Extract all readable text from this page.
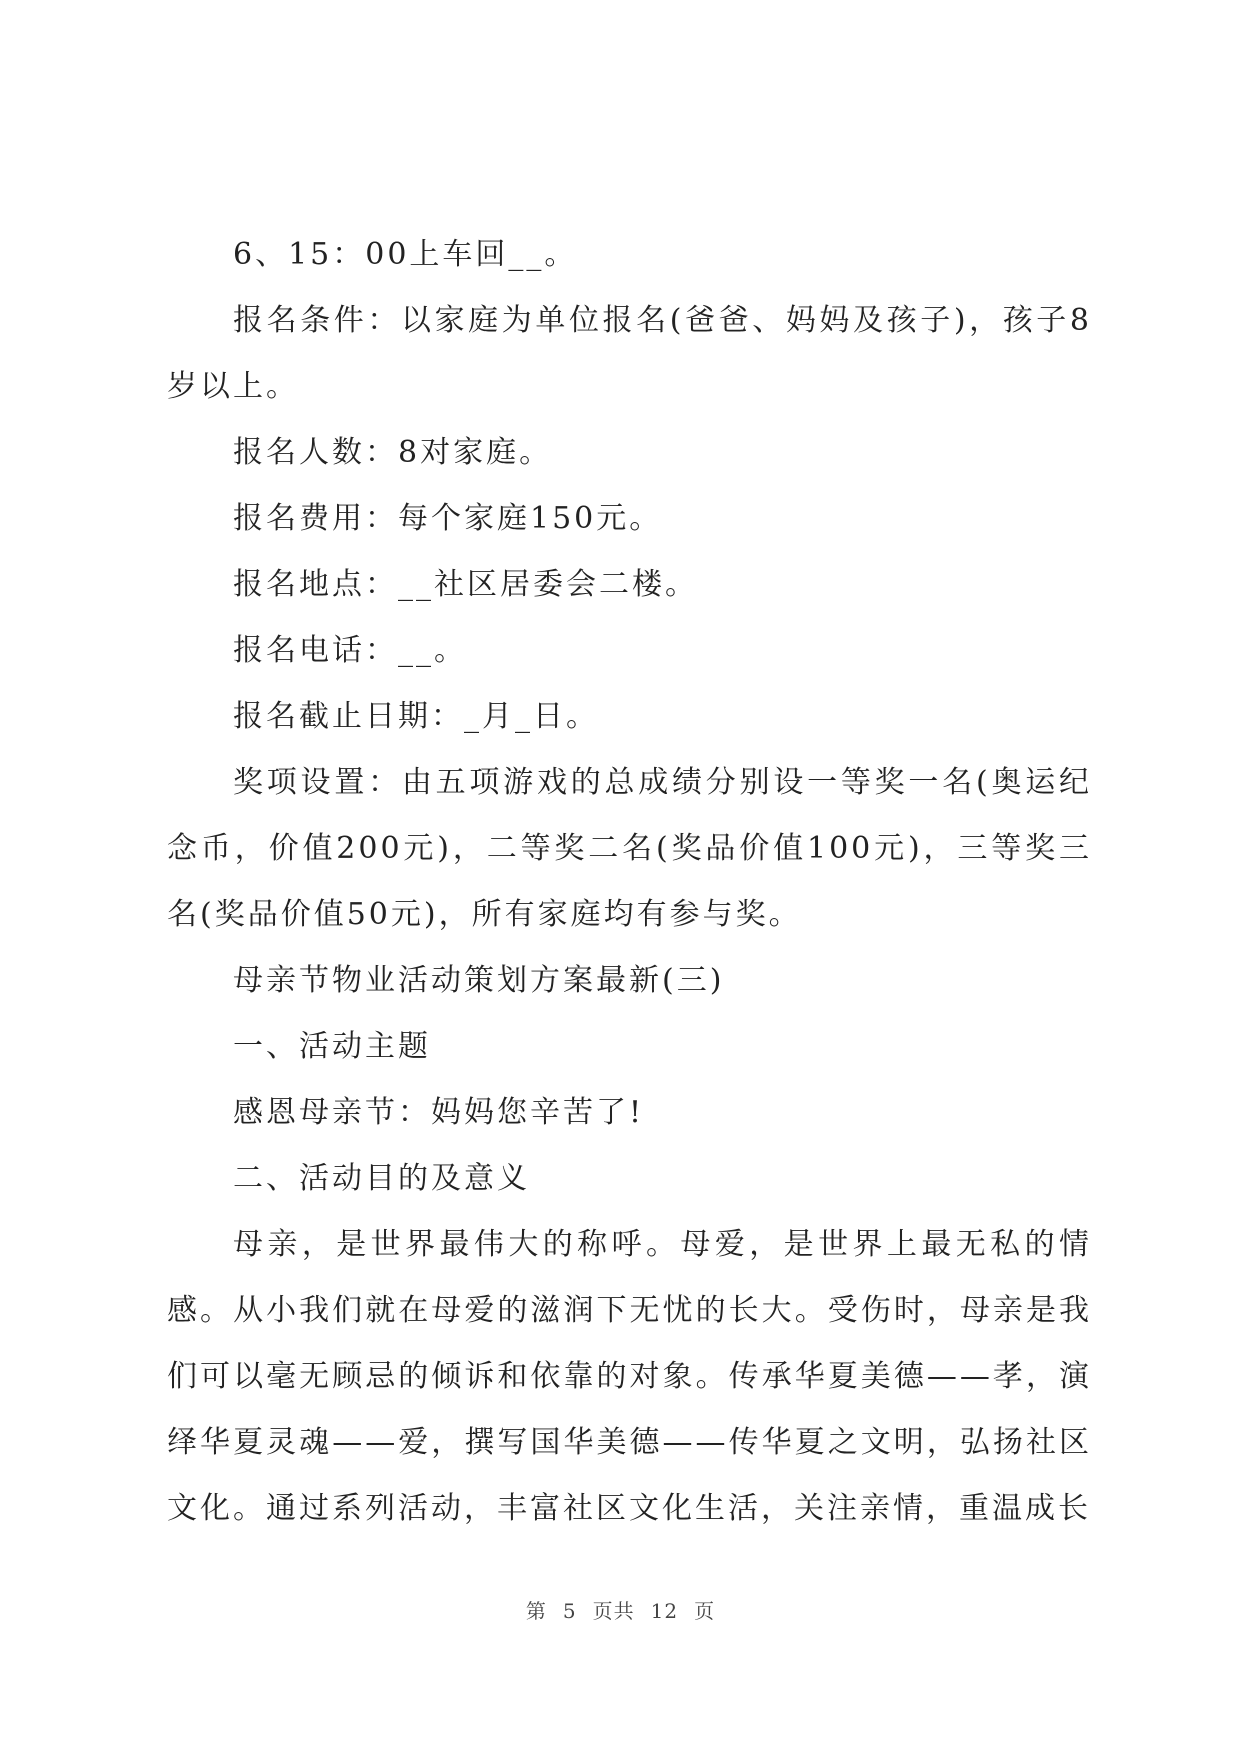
6、15：00上车回__。

报名条件：以家庭为单位报名(爸爸、妈妈及孩子)，孩子8岁以上。

报名人数：8对家庭。

报名费用：每个家庭150元。

报名地点：__社区居委会二楼。

报名电话：__。

报名截止日期：_月_日。

奖项设置：由五项游戏的总成绩分别设一等奖一名(奥运纪念币，价值200元)，二等奖二名(奖品价值100元)，三等奖三名(奖品价值50元)，所有家庭均有参与奖。

母亲节物业活动策划方案最新(三)

一、活动主题

感恩母亲节：妈妈您辛苦了!

二、活动目的及意义

母亲，是世界最伟大的称呼。母爱，是世界上最无私的情感。从小我们就在母爱的滋润下无忧的长大。受伤时，母亲是我们可以毫无顾忌的倾诉和依靠的对象。传承华夏美德——孝，演绎华夏灵魂——爱，撰写国华美德——传华夏之文明，弘扬社区文化。通过系列活动，丰富社区文化生活，关注亲情，重温成长

第 5 页共 12 页
